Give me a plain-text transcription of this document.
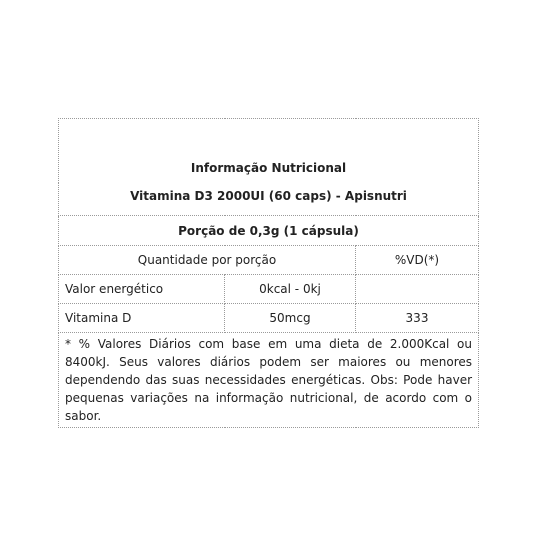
Informação Nutricional		
Vitamina D3 2000UI (60 caps) - Apisnutri		
Porção de 0,3g (1 cápsula)		
Quantidade por porção		%VD(*)
Valor energético	0kcal - 0kj	
Vitamina D	50mcg	333
* % Valores Diários com base em uma dieta de 2.000Kcal ou 8400kJ. Seus valores diários podem ser maiores ou menores dependendo das suas necessidades energéticas. Obs: Pode haver pequenas variações na informação nutricional, de acordo com o sabor.		
